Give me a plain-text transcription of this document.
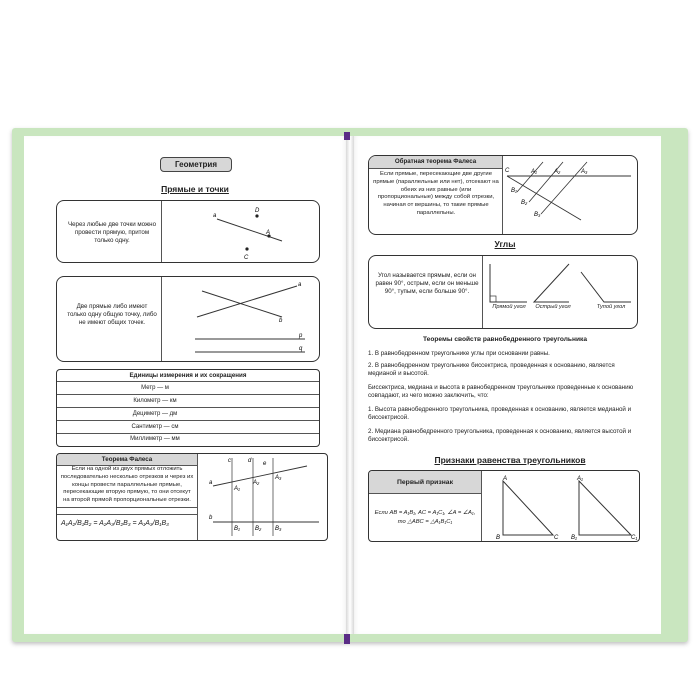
Геометрия
Прямые и точки
Через любые две точки можно провести прямую, притом только одну.
a
D
A
C
Две прямые либо имеют только одну общую точку, либо не имеют общих точек.
a
b
p
q
Единицы измерения и их сокращения
Метр — м
Километр — км
Дециметр — дм
Сантиметр — см
Миллиметр — мм
Теорема Фалеса
Если на одной из двух прямых отложить последовательно несколько отрезков и через их концы провести параллельные прямые, пересекающие вторую прямую, то они отсекут на второй прямой пропорциональные отрезки.
A₁A₂/B₁B₂ = A₂A₃/B₂B₃ = A₁A₃/B₁B₃
c	d e
a
b
A₁
A₂
A₃
B₁	B₂ B₃
Обратная теорема Фалеса
Если прямые, пересекающие две другие прямые (параллельные или нет), отсекают на обеих из них равные (или пропорциональные) между собой отрезки, начиная от вершины, то такие прямые параллельны.
C	A₁	A₂	A₃
B₁
B₂
B₃
Углы
Угол называется прямым, если он равен 90°, острым, если он меньше 90°, тупым, если больше 90°.
Прямой угол	Острый угол	Тупой угол
Теоремы свойств равнобедренного треугольника
1. В равнобедренном треугольнике углы при основании равны.
2. В равнобедренном треугольнике биссектриса, проведенная к основанию, является медианой и высотой.
Биссектриса, медиана и высота в равнобедренном треугольнике проведенные к основанию совпадают, из чего можно заключить, что:
1. Высота равнобедренного треугольника, проведенная к основанию, является медианой и биссектрисой.
2. Медиана равнобедренного треугольника, проведенная к основанию, является высотой и биссектрисой.
Признаки равенства треугольников
Первый признак
Если AB = A₁B₁, AC = A₁C₁, ∠A = ∠A₁, то △ABC = △A₁B₁C₁
A
B	C
A₁
B₁	C₁
